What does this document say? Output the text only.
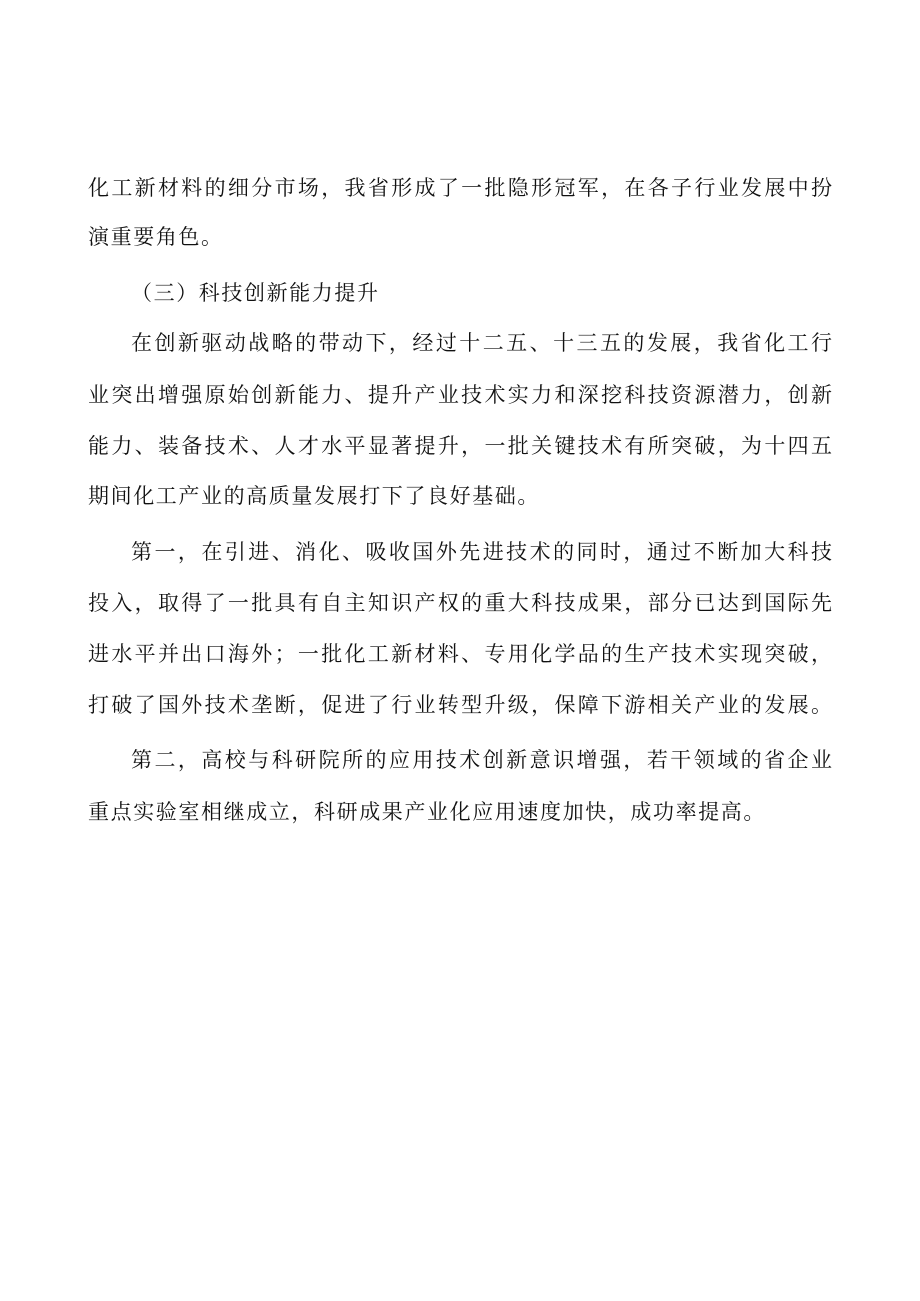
化工新材料的细分市场，我省形成了一批隐形冠军，在各子行业发展中扮
演重要角色。
（三）科技创新能力提升
在创新驱动战略的带动下，经过十二五、十三五的发展，我省化工行
业突出增强原始创新能力、提升产业技术实力和深挖科技资源潜力，创新
能力、装备技术、人才水平显著提升，一批关键技术有所突破，为十四五
期间化工产业的高质量发展打下了良好基础。
第一，在引进、消化、吸收国外先进技术的同时，通过不断加大科技
投入，取得了一批具有自主知识产权的重大科技成果，部分已达到国际先
进水平并出口海外；一批化工新材料、专用化学品的生产技术实现突破，
打破了国外技术垄断，促进了行业转型升级，保障下游相关产业的发展。
第二，高校与科研院所的应用技术创新意识增强，若干领域的省企业
重点实验室相继成立，科研成果产业化应用速度加快，成功率提高。
